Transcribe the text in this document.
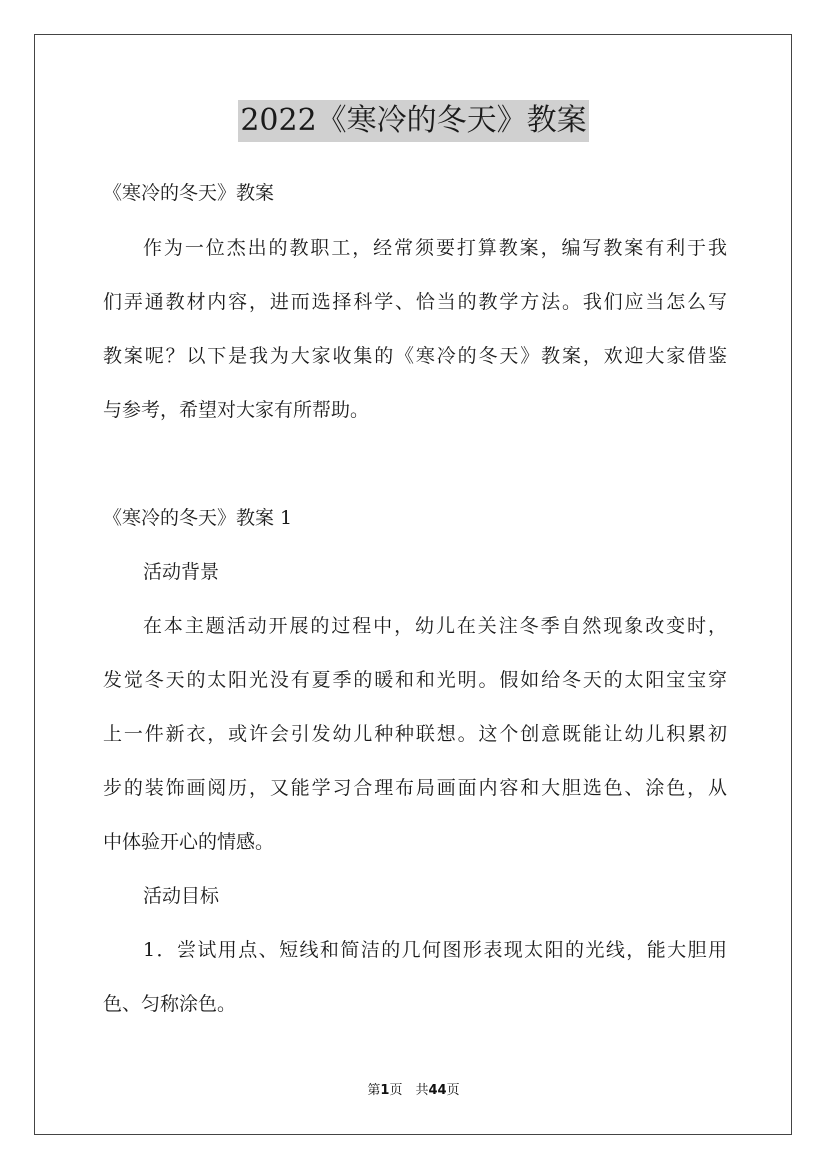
2022《寒冷的冬天》教案
《寒冷的冬天》教案
作为一位杰出的教职工，经常须要打算教案，编写教案有利于我
们弄通教材内容，进而选择科学、恰当的教学方法。我们应当怎么写
教案呢？以下是我为大家收集的《寒冷的冬天》教案，欢迎大家借鉴
与参考，希望对大家有所帮助。
《寒冷的冬天》教案 1
活动背景
在本主题活动开展的过程中，幼儿在关注冬季自然现象改变时，
发觉冬天的太阳光没有夏季的暖和和光明。假如给冬天的太阳宝宝穿
上一件新衣，或许会引发幼儿种种联想。这个创意既能让幼儿积累初
步的装饰画阅历，又能学习合理布局画面内容和大胆选色、涂色，从
中体验开心的情感。
活动目标
1．尝试用点、短线和简洁的几何图形表现太阳的光线，能大胆用
色、匀称涂色。
第1页　共44页
